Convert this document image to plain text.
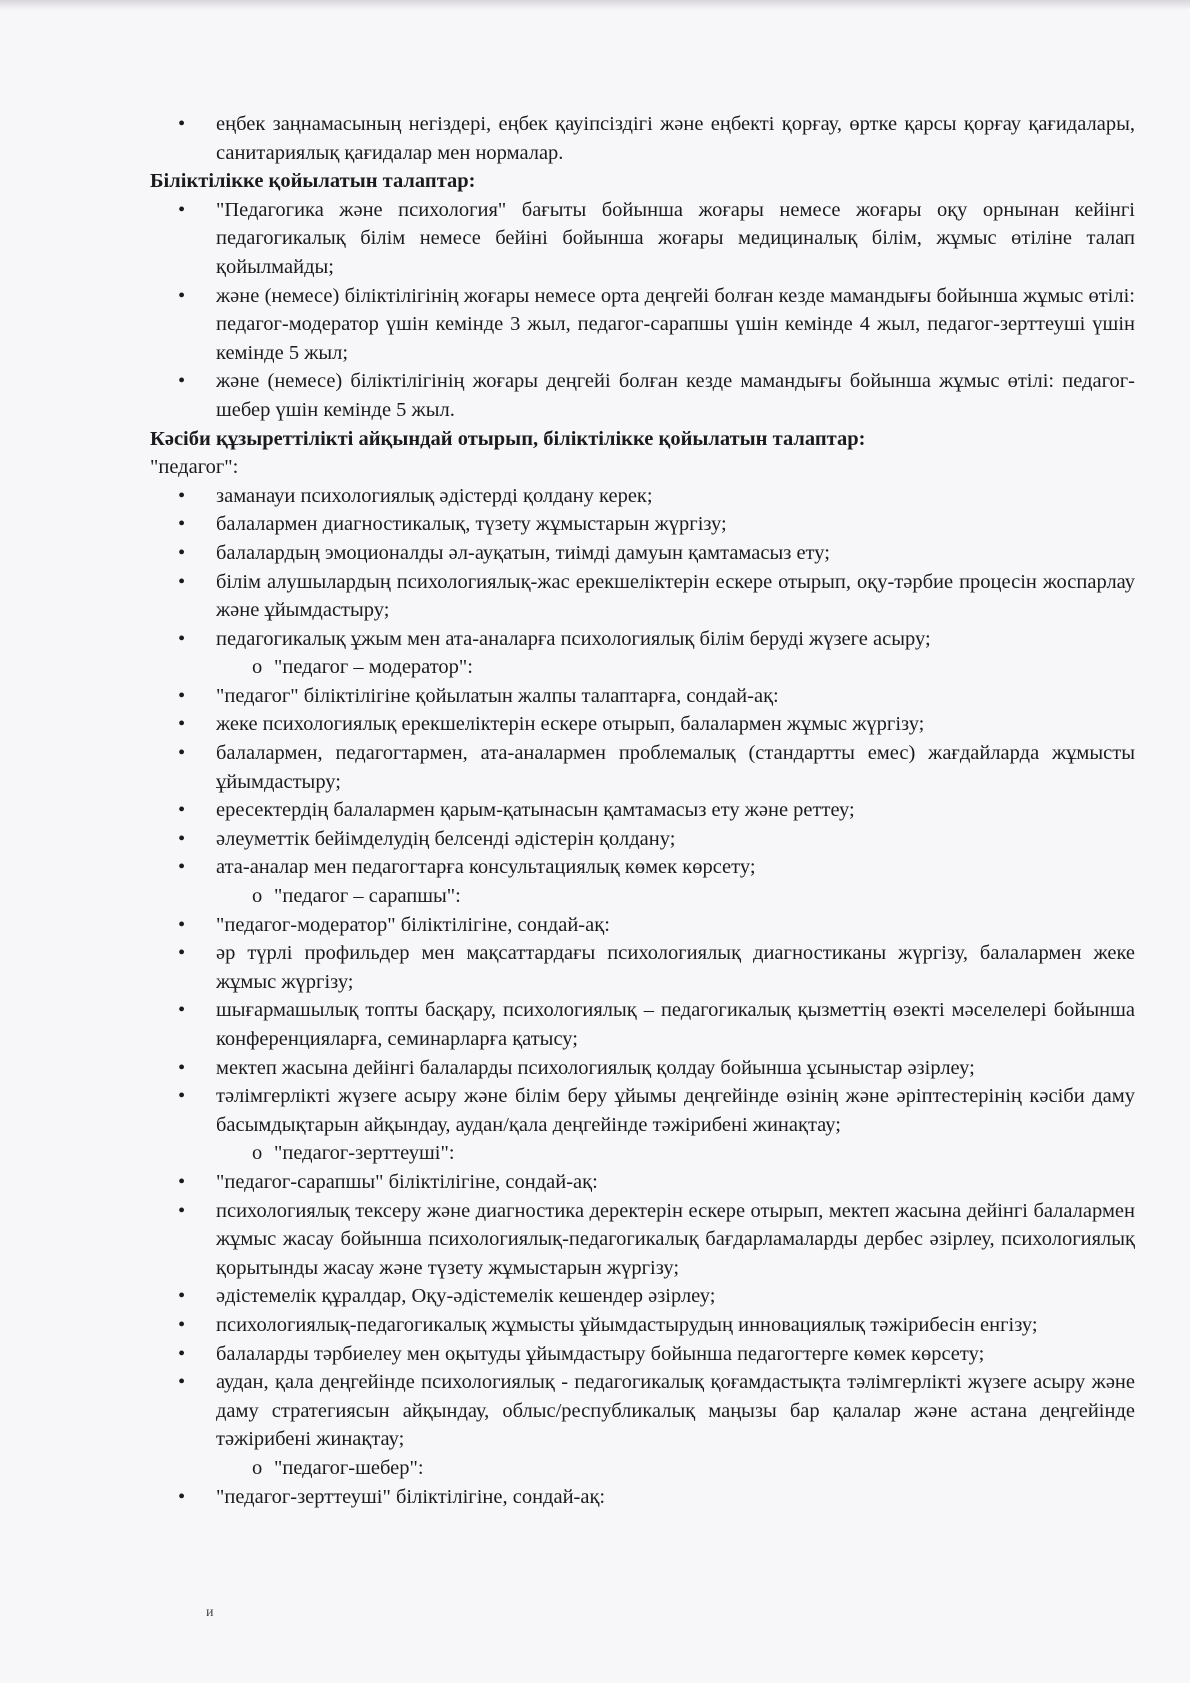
•	еңбек заңнамасының негіздері, еңбек қауіпсіздігі және еңбекті қорғау, өртке қарсы қорғау қағидалары, санитариялық қағидалар мен нормалар.
Біліктілікке қойылатын талаптар:
•	"Педагогика және психология" бағыты бойынша жоғары немесе жоғары оқу орнынан кейінгі педагогикалық білім немесе бейіні бойынша жоғары медициналық білім, жұмыс өтіліне талап қойылмайды;
•	және (немесе) біліктілігінің жоғары немесе орта деңгейі болған кезде мамандығы бойынша жұмыс өтілі: педагог-модератор үшін кемінде 3 жыл, педагог-сарапшы үшін кемінде 4 жыл, педагог-зерттеуші үшін кемінде 5 жыл;
•	және (немесе) біліктілігінің жоғары деңгейі болған кезде мамандығы бойынша жұмыс өтілі: педагог-шебер үшін кемінде 5 жыл.
Кәсіби құзыреттілікті айқындай отырып, біліктілікке қойылатын талаптар:
"педагог":
•	заманауи психологиялық әдістерді қолдану керек;
•	балалармен диагностикалық, түзету жұмыстарын жүргізу;
•	балалардың эмоционалды әл-ауқатын, тиімді дамуын қамтамасыз ету;
•	білім алушылардың психологиялық-жас ерекшеліктерін ескере отырып, оқу-тәрбие процесін жоспарлау және ұйымдастыру;
•	педагогикалық ұжым мен ата-аналарға психологиялық білім беруді жүзеге асыру;
o "педагог – модератор":
•	"педагог" біліктілігіне қойылатын жалпы талаптарға, сондай-ақ:
•	жеке психологиялық ерекшеліктерін ескере отырып, балалармен жұмыс жүргізу;
•	балалармен, педагогтармен, ата-аналармен проблемалық (стандартты емес) жағдайларда жұмысты ұйымдастыру;
•	ересектердің балалармен қарым-қатынасын қамтамасыз ету және реттеу;
•	әлеуметтік бейімделудің белсенді әдістерін қолдану;
•	ата-аналар мен педагогтарға консультациялық көмек көрсету;
o "педагог – сарапшы":
•	"педагог-модератор" біліктілігіне, сондай-ақ:
•	әр түрлі профильдер мен мақсаттардағы психологиялық диагностиканы жүргізу, балалармен жеке жұмыс жүргізу;
•	шығармашылық топты басқару, психологиялық – педагогикалық қызметтің өзекті мәселелері бойынша конференцияларға, семинарларға қатысу;
•	мектеп жасына дейінгі балаларды психологиялық қолдау бойынша ұсыныстар әзірлеу;
•	тәлімгерлікті жүзеге асыру және білім беру ұйымы деңгейінде өзінің және әріптестерінің кәсіби даму басымдықтарын айқындау, аудан/қала деңгейінде тәжірибені жинақтау;
o "педагог-зерттеуші":
•	"педагог-сарапшы" біліктілігіне, сондай-ақ:
•	психологиялық тексеру және диагностика деректерін ескере отырып, мектеп жасына дейінгі балалармен жұмыс жасау бойынша психологиялық-педагогикалық бағдарламаларды дербес әзірлеу, психологиялық қорытынды жасау және түзету жұмыстарын жүргізу;
•	әдістемелік құралдар, Оқу-әдістемелік кешендер әзірлеу;
•	психологиялық-педагогикалық жұмысты ұйымдастырудың инновациялық тәжірибесін енгізу;
•	балаларды тәрбиелеу мен оқытуды ұйымдастыру бойынша педагогтерге көмек көрсету;
•	аудан, қала деңгейінде психологиялық - педагогикалық қоғамдастықта тәлімгерлікті жүзеге асыру және даму стратегиясын айқындау, облыс/республикалық маңызы бар қалалар және астана деңгейінде тәжірибені жинақтау;
o "педагог-шебер":
•	"педагог-зерттеуші" біліктілігіне, сондай-ақ:
и
